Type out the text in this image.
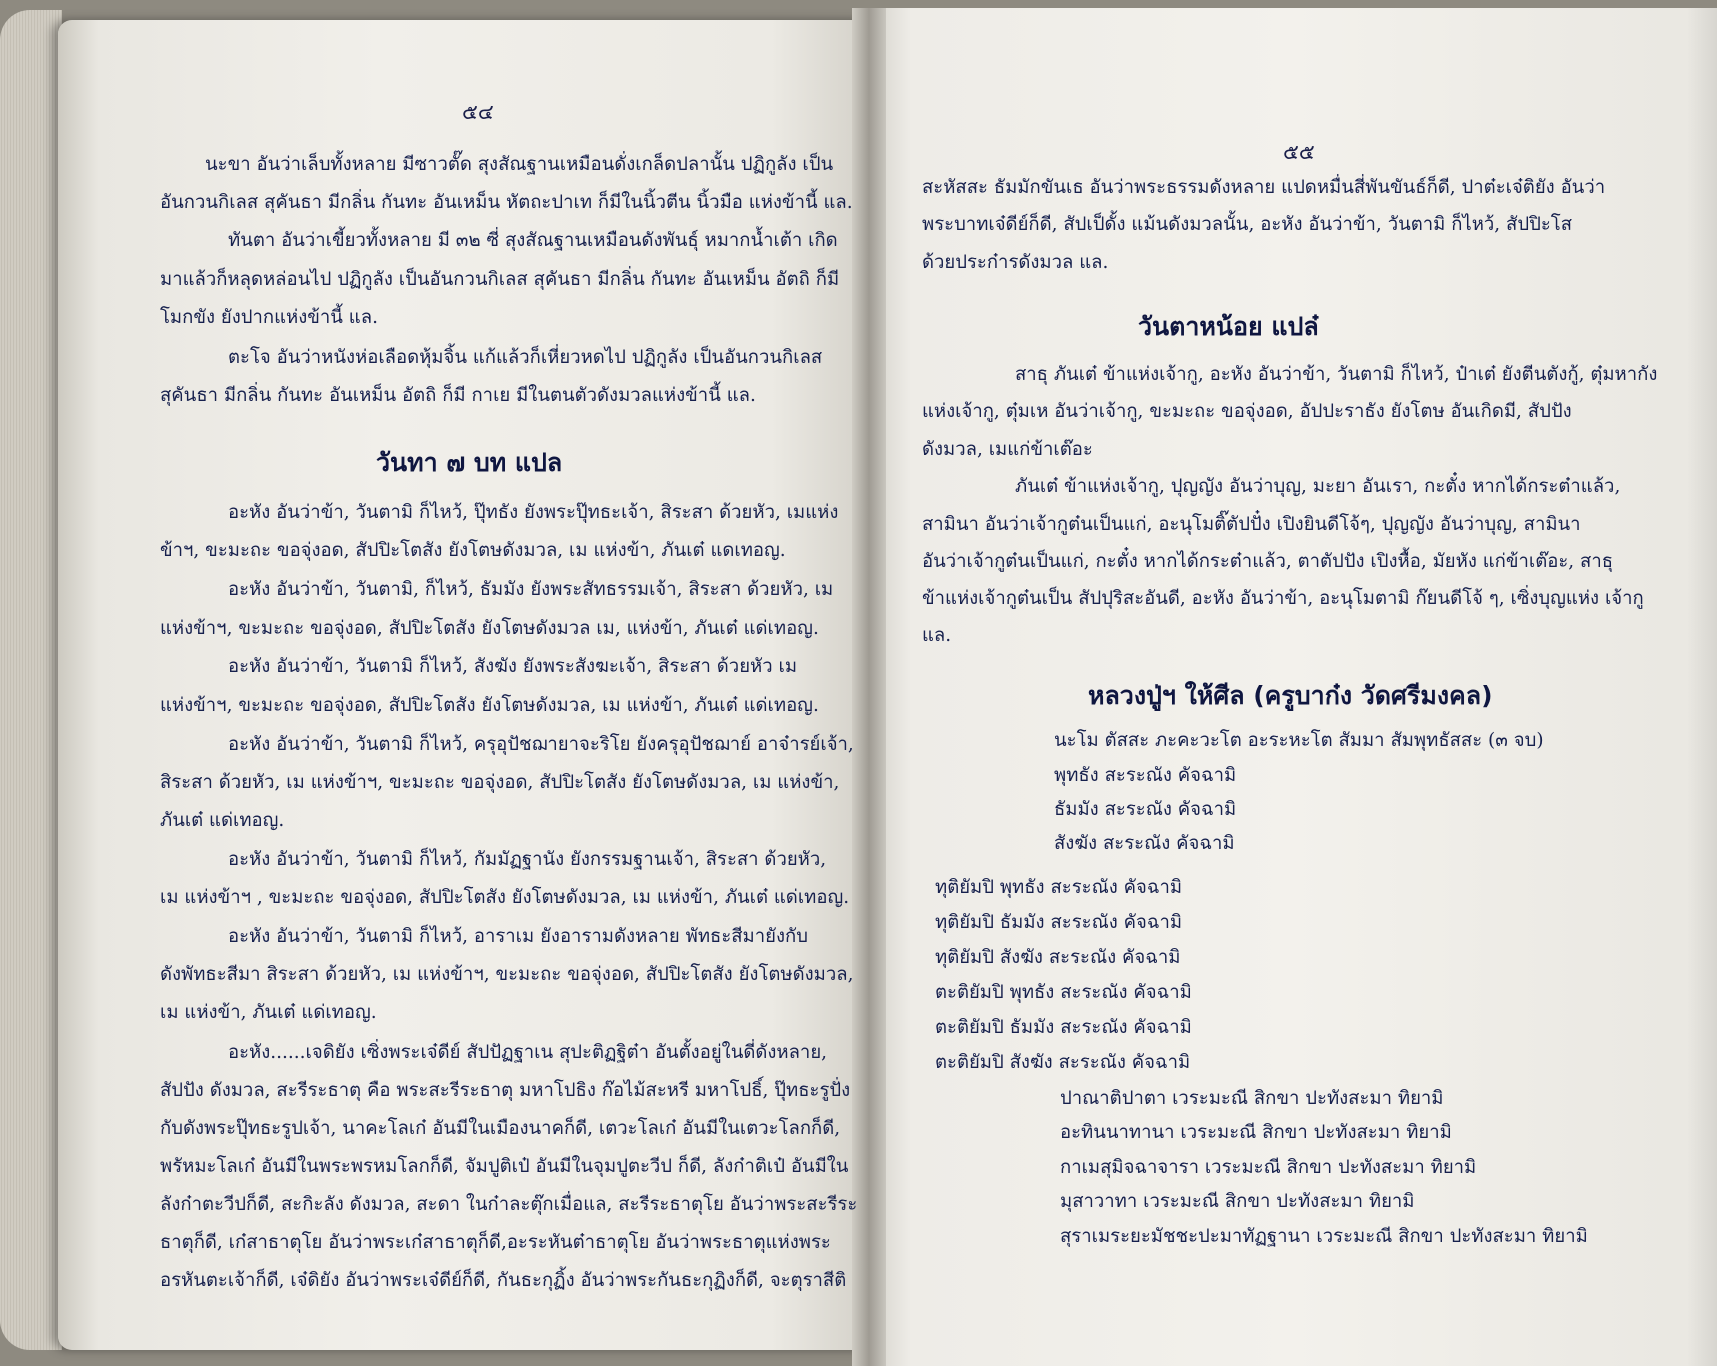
๕๔
นะขา อันว่าเล็บทั้งหลาย มีซาวตั๊ด สุงสัณฐานเหมือนดั่งเกล็ดปลานั้น ปฏิกูลัง เป็น
อันกวนกิเลส สุคันธา มีกลิ่น กันทะ อันเหม็น หัตถะปาเท ก็มีในนิ้วตีน นิ้วมือ แห่งข้านี้ แล.
ทันตา อันว่าเขี้ยวทั้งหลาย มี ๓๒ ซี่ สุงสัณฐานเหมือนดังพันธุ์ หมากน้ำเต้า เกิด
มาแล้วก็หลุดหล่อนไป ปฏิกูลัง เป็นอันกวนกิเลส สุคันธา มีกลิ่น กันทะ อันเหม็น อัตถิ ก็มี
โมกขัง ยังปากแห่งข้านี้ แล.
ตะโจ อันว่าหนังห่อเลือดหุ้มจิ้น แก้แล้วก็เหี่ยวหดไป ปฏิกูลัง เป็นอันกวนกิเลส
สุคันธา มีกลิ่น กันทะ อันเหม็น อัตถิ ก็มี กาเย มีในตนตัวดังมวลแห่งข้านี้ แล.
วันทา ๗ บท แปล
อะหัง อันว่าข้า, วันตามิ ก็ไหว้, ปุ๊ทธัง ยังพระปุ๊ทธะเจ้า, สิระสา ด้วยหัว, เมแห่ง
ข้าฯ, ขะมะถะ ขอจุ่งอด, สัปปิะโตสัง ยังโตษดังมวล, เม แห่งข้า, ภันเต๋ แดเทอญ.
อะหัง อันว่าข้า, วันตามิ, ก็ไหว้, ธัมมัง ยังพระสัทธรรมเจ้า, สิระสา ด้วยหัว, เม
แห่งข้าฯ, ขะมะถะ ขอจุ่งอด, สัปปิะโตสัง ยังโตษดังมวล เม, แห่งข้า, ภันเต๋ แด่เทอญ.
อะหัง อันว่าข้า, วันตามิ ก็ไหว้, สังฆัง ยังพระสังฆะเจ้า, สิระสา ด้วยหัว เม
แห่งข้าฯ, ขะมะถะ ขอจุ่งอด, สัปปิะโตสัง ยังโตษดังมวล, เม แห่งข้า, ภันเต๋ แด่เทอญ.
อะหัง อันว่าข้า, วันตามิ ก็ไหว้, ครุอุปัชฌายาจะริโย ยังครุอุปัชฌาย์ อาจ๋ารย์เจ้า,
สิระสา ด้วยหัว, เม แห่งข้าฯ, ขะมะถะ ขอจุ่งอด, สัปปิะโตสัง ยังโตษดังมวล, เม แห่งข้า,
ภันเต๋ แด่เทอญ.
อะหัง อันว่าข้า, วันตามิ ก็ไหว้, กัมมัฏฐานัง ยังกรรมฐานเจ้า, สิระสา ด้วยหัว,
เม แห่งข้าฯ , ขะมะถะ ขอจุ่งอด, สัปปิะโตสัง ยังโตษดังมวล, เม แห่งข้า, ภันเต๋ แด่เทอญ.
อะหัง อันว่าข้า, วันตามิ ก็ไหว้, อาราเม ยังอารามดังหลาย พัทธะสีมายังกับ
ดังพัทธะสีมา สิระสา ด้วยหัว, เม แห่งข้าฯ, ขะมะถะ ขอจุ่งอด, สัปปิะโตสัง ยังโตษดังมวล,
เม แห่งข้า, ภันเต๋ แด่เทอญ.
อะหัง......เจดิยัง เซิ่งพระเจ๋ดีย์ สัปปัฏฐาเน สุปะติฏฐิต๋า อันตั้งอยู่ในดี่ดังหลาย,
สัปปัง ดังมวล, สะรีระธาตุ คือ พระสะรีระธาตุ มหาโปธิง ก๊อไม้สะหรี มหาโปธิ์, ปุ๊ทธะรูปั่ง
กับดังพระปุ๊ทธะรูปเจ้า, นาคะโลเก๋ อันมีในเมืองนาคก็ดี, เตวะโลเก๋ อันมีในเตวะโลกก็ดี,
พรัหมะโลเก๋ อันมีในพระพรหมโลกก็ดี, จัมปูติเป๋ อันมีในจุมปูตะวีป ก็ดี, ลังก๋าติเป๋ อันมีใน
ลังก๋าตะวีปก็ดี, สะกิะลัง ดังมวล, สะดา ในก๋าละตุ๊กเมื่อแล, สะรีระธาตุโย อันว่าพระสะรีระ
ธาตุก็ดี, เก๋สาธาตุโย อันว่าพระเก๋สาธาตุก็ดี,อะระหันต๋าธาตุโย อันว่าพระธาตุแห่งพระ
อรหันตะเจ้าก็ดี, เจ๋ดิยัง อันว่าพระเจ๋ดีย์ก็ดี, กันธะกุฏิ้ง อันว่าพระกันธะกุฏิงก็ดี, จะตุราสีติ
๕๕
สะหัสสะ ธัมมักขันเธ อันว่าพระธรรมดังหลาย แปดหมื่นสี่พันขันธ์ก็ดี, ปาต๋ะเจ๋ติยัง อันว่า
พระบาทเจ๋ดีย์ก็ดี, สัปเป็ดั้ง แม้นดังมวลนั้น, อะหัง อันว่าข้า, วันตามิ ก็ไหว้, สัปปิะโส
ด้วยประก๋ารดังมวล แล.
วันตาหน้อย แปล๋
สาธุ ภันเต๋ ข้าแห่งเจ้ากู, อะหัง อันว่าข้า, วันตามิ ก็ไหว้, ป๋าเต๋ ยังตีนตังกู้, ตุ๋มหากัง
แห่งเจ้ากู, ตุ๋มเห อันว่าเจ้ากู, ขะมะถะ ขอจุ่งอด, อัปปะราธัง ยังโตษ อันเกิดมี, สัปปัง
ดังมวล, เมแก่ข้าเต๊อะ
ภันเต๋ ข้าแห่งเจ้ากู, ปุญญัง อันว่าบุญ, มะยา อันเรา, กะตั๋ง หากได้กระต๋าแล้ว,
สามินา อันว่าเจ้ากูต๋นเป็นแก่, อะนุโมติ๊ตัปปั๋ง เปิงยินดีโจ้ๆ, ปุญญัง อันว่าบุญ, สามินา
อันว่าเจ้ากูต๋นเป็นแก่, กะตั๋ง หากได้กระต๋าแล้ว, ตาตัปปัง เปิงหื้อ, มัยหัง แก่ข้าเต๊อะ, สาธุ
ข้าแห่งเจ้ากูต๋นเป็น สัปปุริสะอันดี, อะหัง อันว่าข้า, อะนุโมตามิ ก๊ยนดีโจ้ ๆ, เซิ่งบุญแห่ง เจ้ากู
แล.
หลวงปู่ฯ ให้ศีล (ครูบาก๋ง วัดศรีมงคล)
นะโม ตัสสะ ภะคะวะโต อะระหะโต สัมมา สัมพุทธัสสะ (๓ จบ)
พุทธัง สะระณัง คัจฉามิ
ธัมมัง สะระณัง คัจฉามิ
สังฆัง สะระณัง คัจฉามิ
ทุติยัมปิ พุทธัง สะระณัง คัจฉามิ
ทุติยัมปิ ธัมมัง สะระณัง คัจฉามิ
ทุติยัมปิ สังฆัง สะระณัง คัจฉามิ
ตะติยัมปิ พุทธัง สะระณัง คัจฉามิ
ตะติยัมปิ ธัมมัง สะระณัง คัจฉามิ
ตะติยัมปิ สังฆัง สะระณัง คัจฉามิ
ปาณาติปาตา เวระมะณี สิกขา ปะทังสะมา ทิยามิ
อะทินนาทานา เวระมะณี สิกขา ปะทังสะมา ทิยามิ
กาเมสุมิจฉาจารา เวระมะณี สิกขา ปะทังสะมา ทิยามิ
มุสาวาทา เวระมะณี สิกขา ปะทังสะมา ทิยามิ
สุราเมระยะมัชชะปะมาทัฏฐานา เวระมะณี สิกขา ปะทังสะมา ทิยามิ
